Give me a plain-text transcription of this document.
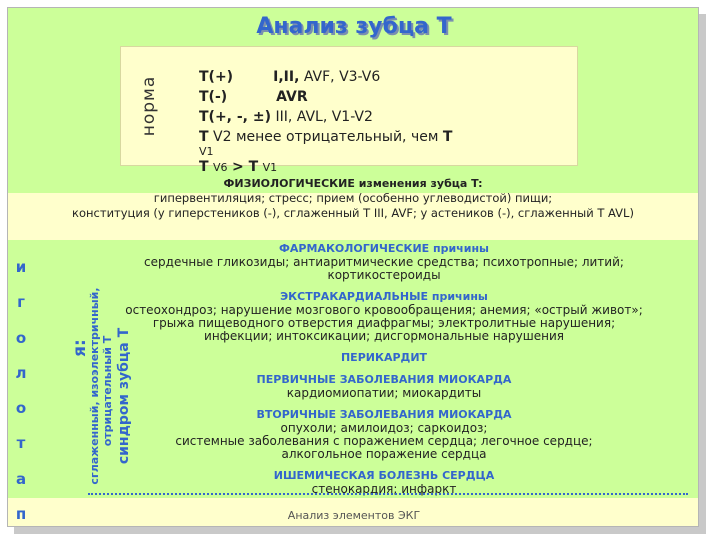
Анализ зубца Т
норма	T(+)	I,II, AVF, V3-V6
T(-)	AVR
T(+, -, ±) III, AVL, V1-V2
T V2 менее отрицательный, чем T
V1
T V6 > T V1
ФИЗИОЛОГИЧЕСКИЕ изменения зубца T:
гипервентиляция; стресс; прием (особенно углеводистой) пищи;
конституция (у гиперстеников (-), сглаженный T III, AVF; у астеников (-), сглаженный T AVL)
и
г
о
л
о
т
а
п
я:
сглаженный, изоэлектричный, отрицательный Т синдром зубца Т
ФАРМАКОЛОГИЧЕСКИЕ причины
сердечные гликозиды; антиаритмические средства; психотропные; литий;
кортикостероиды
ЭКСТРАКАРДИАЛЬНЫЕ причины
остеохондроз; нарушение мозгового кровообращения; анемия; «острый живот»;
грыжа пищеводного отверстия диафрагмы; электролитные нарушения;
инфекции; интоксикации; дисгормональные нарушения
ПЕРИКАРДИТ
ПЕРВИЧНЫЕ ЗАБОЛЕВАНИЯ МИОКАРДА
кардиомиопатии; миокардиты
ВТОРИЧНЫЕ ЗАБОЛЕВАНИЯ МИОКАРДА
опухоли; амилоидоз; саркоидоз;
системные заболевания с поражением сердца; легочное сердце;
алкогольное поражение сердца
ИШЕМИЧЕСКАЯ БОЛЕЗНЬ СЕРДЦА
стенокардия; инфаркт
Анализ элементов ЭКГ
